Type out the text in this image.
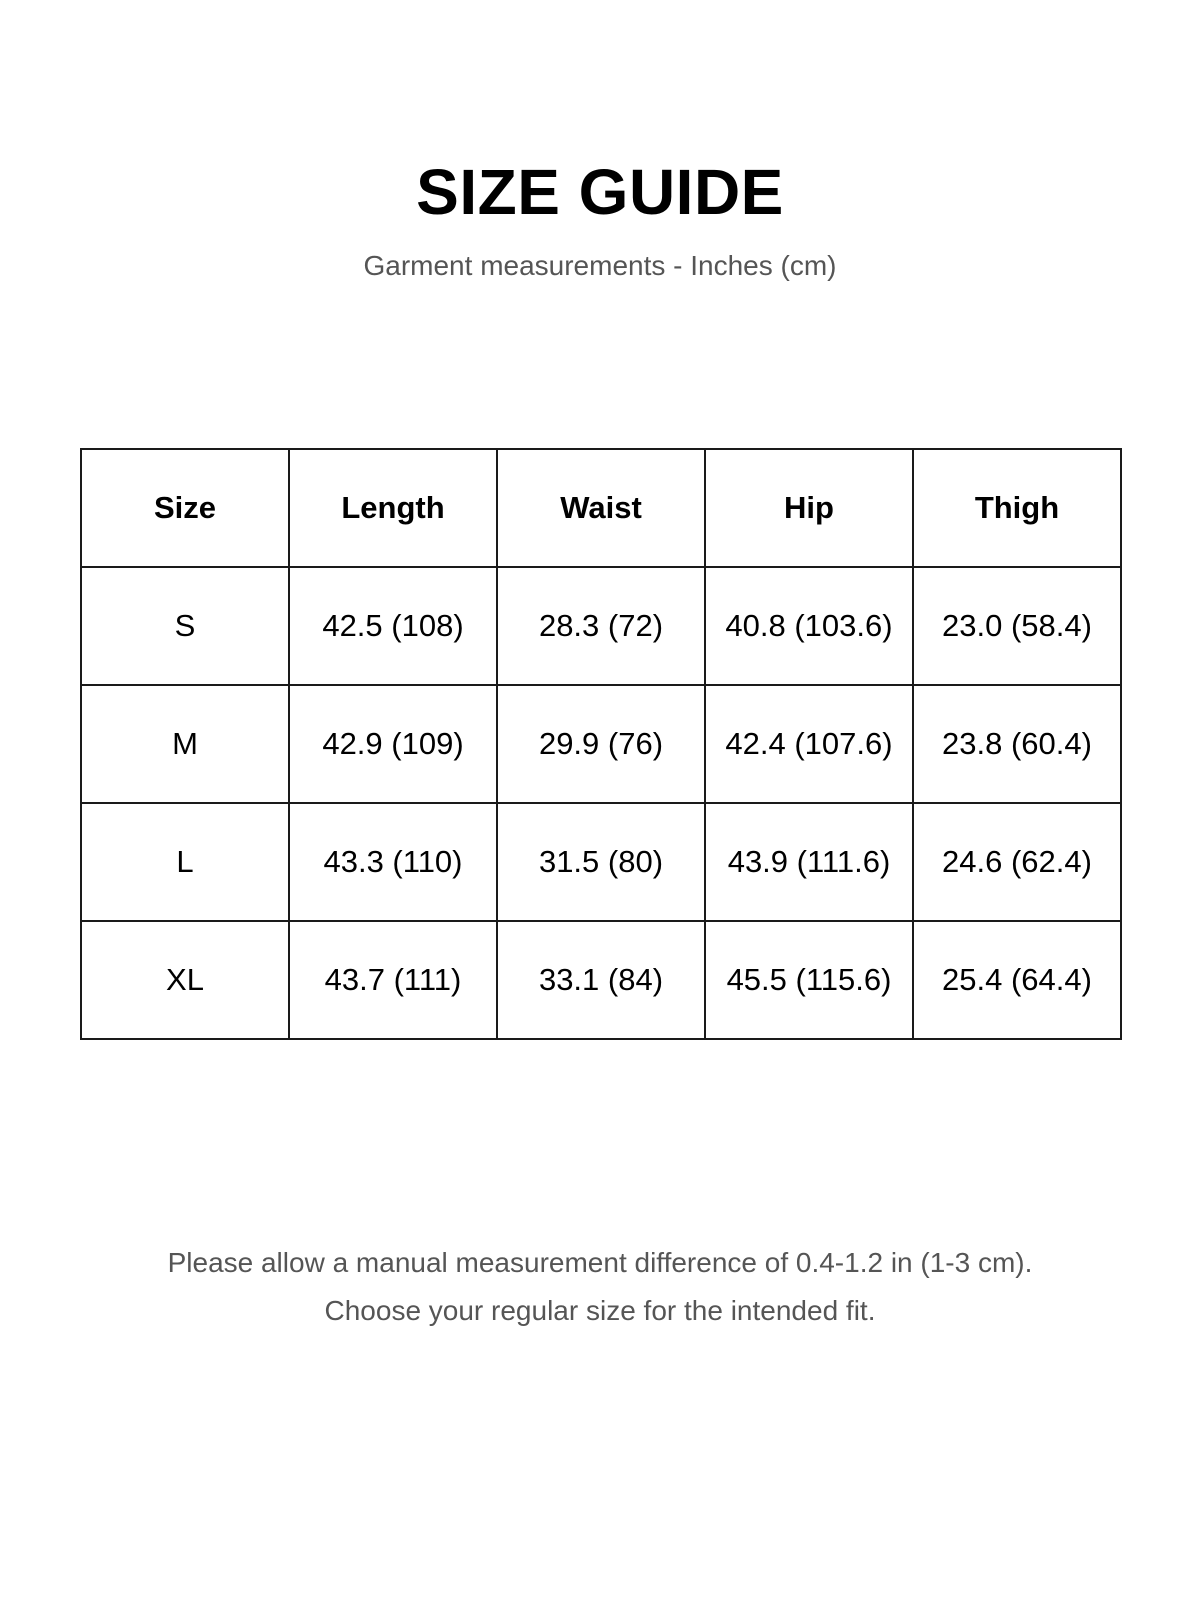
SIZE GUIDE
Garment measurements - Inches (cm)
Size	Length	Waist	Hip	Thigh
S	42.5 (108)	28.3 (72)	40.8 (103.6)	23.0 (58.4)
M	42.9 (109)	29.9 (76)	42.4 (107.6)	23.8 (60.4)
L	43.3 (110)	31.5 (80)	43.9 (111.6)	24.6 (62.4)
XL	43.7 (111)	33.1 (84)	45.5 (115.6)	25.4 (64.4)
Please allow a manual measurement difference of 0.4-1.2 in (1-3 cm).
Choose your regular size for the intended fit.
